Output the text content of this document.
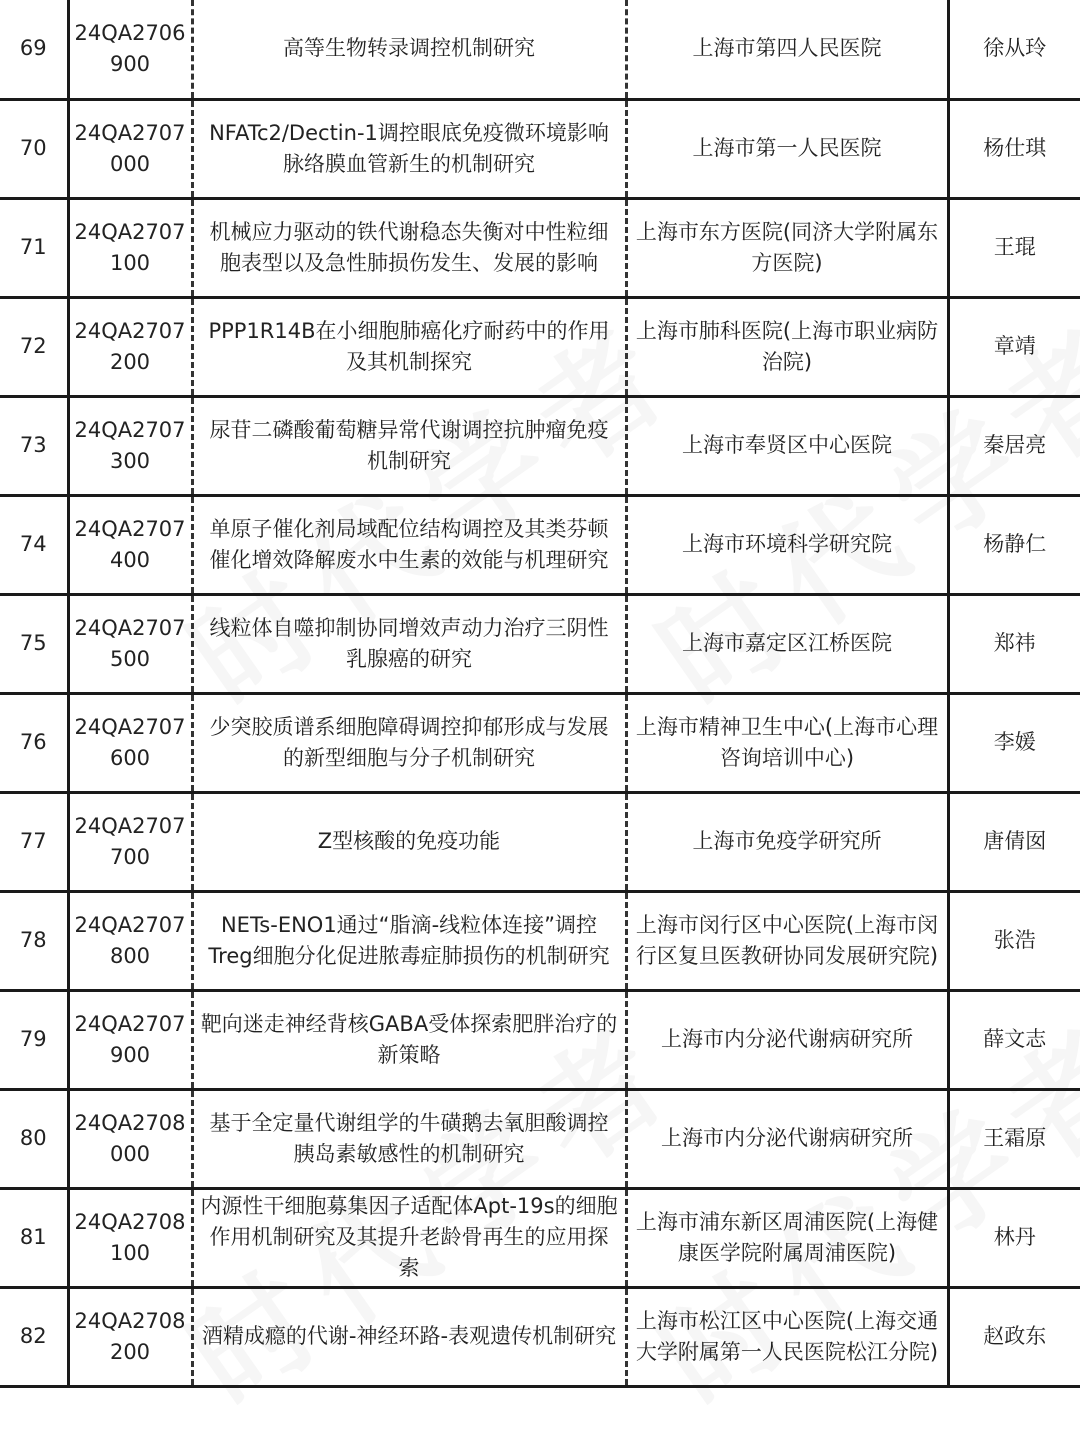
69	24QA2706 900	高等生物转录调控机制研究	上海市第四人民医院	徐从玲
70	24QA2707 000	NFATc2/Dectin-1调控眼底免疫微环境影响脉络膜血管新生的机制研究	上海市第一人民医院	杨仕琪
71	24QA2707 100	机械应力驱动的铁代谢稳态失衡对中性粒细胞表型以及急性肺损伤发生、发展的影响	上海市东方医院(同济大学附属东方医院)	王琨
72	24QA2707 200	PPP1R14B在小细胞肺癌化疗耐药中的作用及其机制探究	上海市肺科医院(上海市职业病防治院)	章靖
73	24QA2707 300	尿苷二磷酸葡萄糖异常代谢调控抗肿瘤免疫机制研究	上海市奉贤区中心医院	秦居亮
74	24QA2707 400	单原子催化剂局域配位结构调控及其类芬顿催化增效降解废水中生素的效能与机理研究	上海市环境科学研究院	杨静仁
75	24QA2707 500	线粒体自噬抑制协同增效声动力治疗三阴性乳腺癌的研究	上海市嘉定区江桥医院	郑祎
76	24QA2707 600	少突胶质谱系细胞障碍调控抑郁形成与发展的新型细胞与分子机制研究	上海市精神卫生中心(上海市心理咨询培训中心)	李媛
77	24QA2707 700	Z型核酸的免疫功能	上海市免疫学研究所	唐倩囡
78	24QA2707 800	NETs-ENO1通过“脂滴-线粒体连接”调控Treg细胞分化促进脓毒症肺损伤的机制研究	上海市闵行区中心医院(上海市闵行区复旦医教研协同发展研究院)	张浩
79	24QA2707 900	靶向迷走神经背核GABA受体探索肥胖治疗的新策略	上海市内分泌代谢病研究所	薛文志
80	24QA2708 000	基于全定量代谢组学的牛磺鹅去氧胆酸调控胰岛素敏感性的机制研究	上海市内分泌代谢病研究所	王霜原
81	24QA2708 100	内源性干细胞募集因子适配体Apt-19s的细胞作用机制研究及其提升老龄骨再生的应用探索	上海市浦东新区周浦医院(上海健康医学院附属周浦医院)	林丹
82	24QA2708 200	酒精成瘾的代谢-神经环路-表观遗传机制研究	上海市松江区中心医院(上海交通大学附属第一人民医院松江分院)	赵政东
